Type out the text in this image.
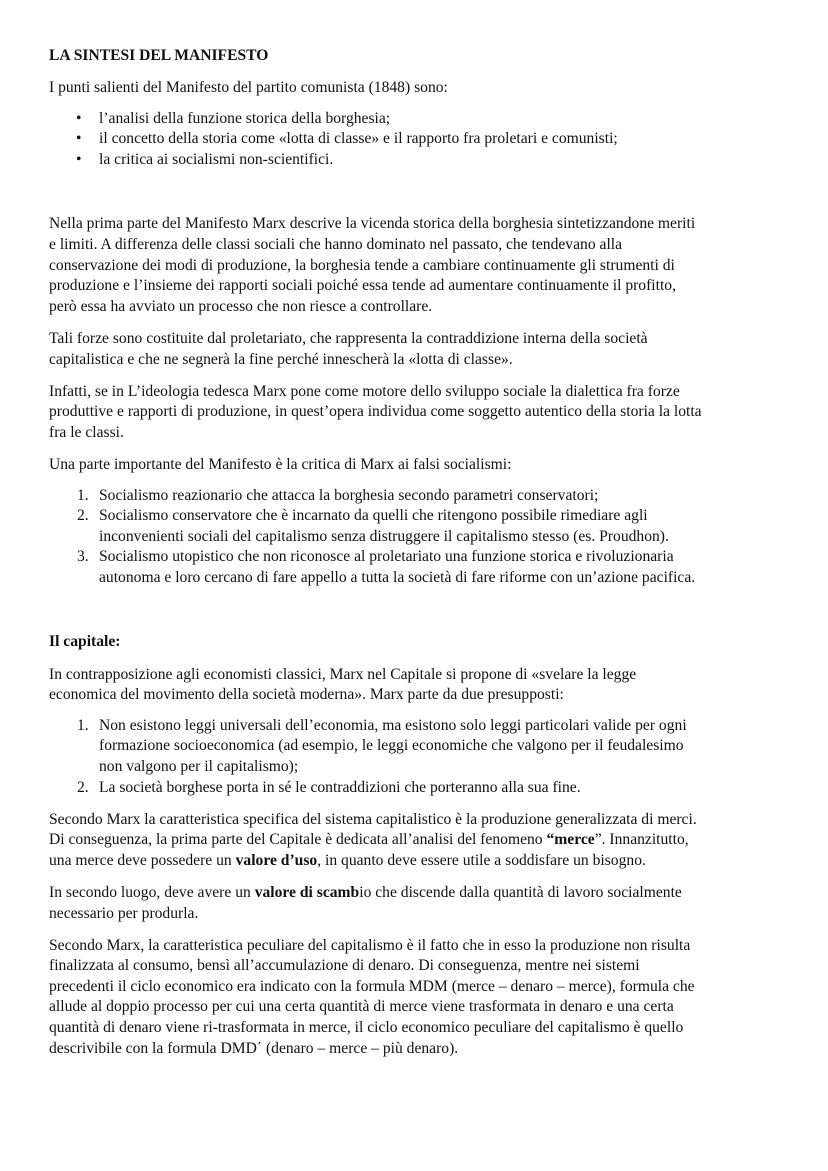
LA SINTESI DEL MANIFESTO
I punti salienti del Manifesto del partito comunista (1848) sono:
• l’analisi della funzione storica della borghesia;
• il concetto della storia come «lotta di classe» e il rapporto fra proletari e comunisti;
• la critica ai socialismi non-scientifici.
Nella prima parte del Manifesto Marx descrive la vicenda storica della borghesia sintetizzandone meriti
e limiti. A differenza delle classi sociali che hanno dominato nel passato, che tendevano alla
conservazione dei modi di produzione, la borghesia tende a cambiare continuamente gli strumenti di
produzione e l’insieme dei rapporti sociali poiché essa tende ad aumentare continuamente il profitto,
però essa ha avviato un processo che non riesce a controllare.
Tali forze sono costituite dal proletariato, che rappresenta la contraddizione interna della società
capitalistica e che ne segnerà la fine perché innescherà la «lotta di classe».
Infatti, se in L’ideologia tedesca Marx pone come motore dello sviluppo sociale la dialettica fra forze
produttive e rapporti di produzione, in quest’opera individua come soggetto autentico della storia la lotta
fra le classi.
Una parte importante del Manifesto è la critica di Marx ai falsi socialismi:
1. Socialismo reazionario che attacca la borghesia secondo parametri conservatori;
2. Socialismo conservatore che è incarnato da quelli che ritengono possibile rimediare agli
inconvenienti sociali del capitalismo senza distruggere il capitalismo stesso (es. Proudhon).
3. Socialismo utopistico che non riconosce al proletariato una funzione storica e rivoluzionaria
autonoma e loro cercano di fare appello a tutta la società di fare riforme con un’azione pacifica.
Il capitale:
In contrapposizione agli economisti classici, Marx nel Capitale si propone di «svelare la legge
economica del movimento della società moderna». Marx parte da due presupposti:
1. Non esistono leggi universali dell’economia, ma esistono solo leggi particolari valide per ogni
formazione socioeconomica (ad esempio, le leggi economiche che valgono per il feudalesimo
non valgono per il capitalismo);
2. La società borghese porta in sé le contraddizioni che porteranno alla sua fine.
Secondo Marx la caratteristica specifica del sistema capitalistico è la produzione generalizzata di merci.
Di conseguenza, la prima parte del Capitale è dedicata all’analisi del fenomeno “merce”. Innanzitutto,
una merce deve possedere un valore d’uso, in quanto deve essere utile a soddisfare un bisogno.
In secondo luogo, deve avere un valore di scambio che discende dalla quantità di lavoro socialmente
necessario per produrla.
Secondo Marx, la caratteristica peculiare del capitalismo è il fatto che in esso la produzione non risulta
finalizzata al consumo, bensì all’accumulazione di denaro. Di conseguenza, mentre nei sistemi
precedenti il ciclo economico era indicato con la formula MDM (merce – denaro – merce), formula che
allude al doppio processo per cui una certa quantità di merce viene trasformata in denaro e una certa
quantità di denaro viene ri-trasformata in merce, il ciclo economico peculiare del capitalismo è quello
descrivibile con la formula DMD΄ (denaro – merce – più denaro).
